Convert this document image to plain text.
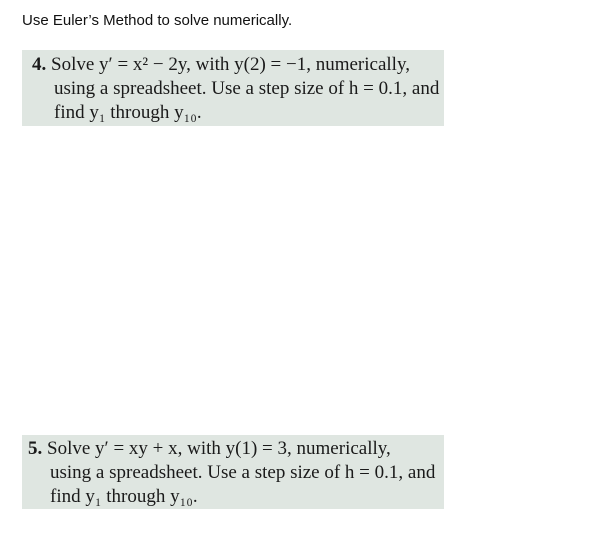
Use Euler’s Method to solve numerically.
4. Solve y′ = x² − 2y, with y(2) = −1, numerically,
using a spreadsheet. Use a step size of h = 0.1, and
find y₁ through y₁₀.
5. Solve y′ = xy + x, with y(1) = 3, numerically,
using a spreadsheet. Use a step size of h = 0.1, and
find y₁ through y₁₀.
